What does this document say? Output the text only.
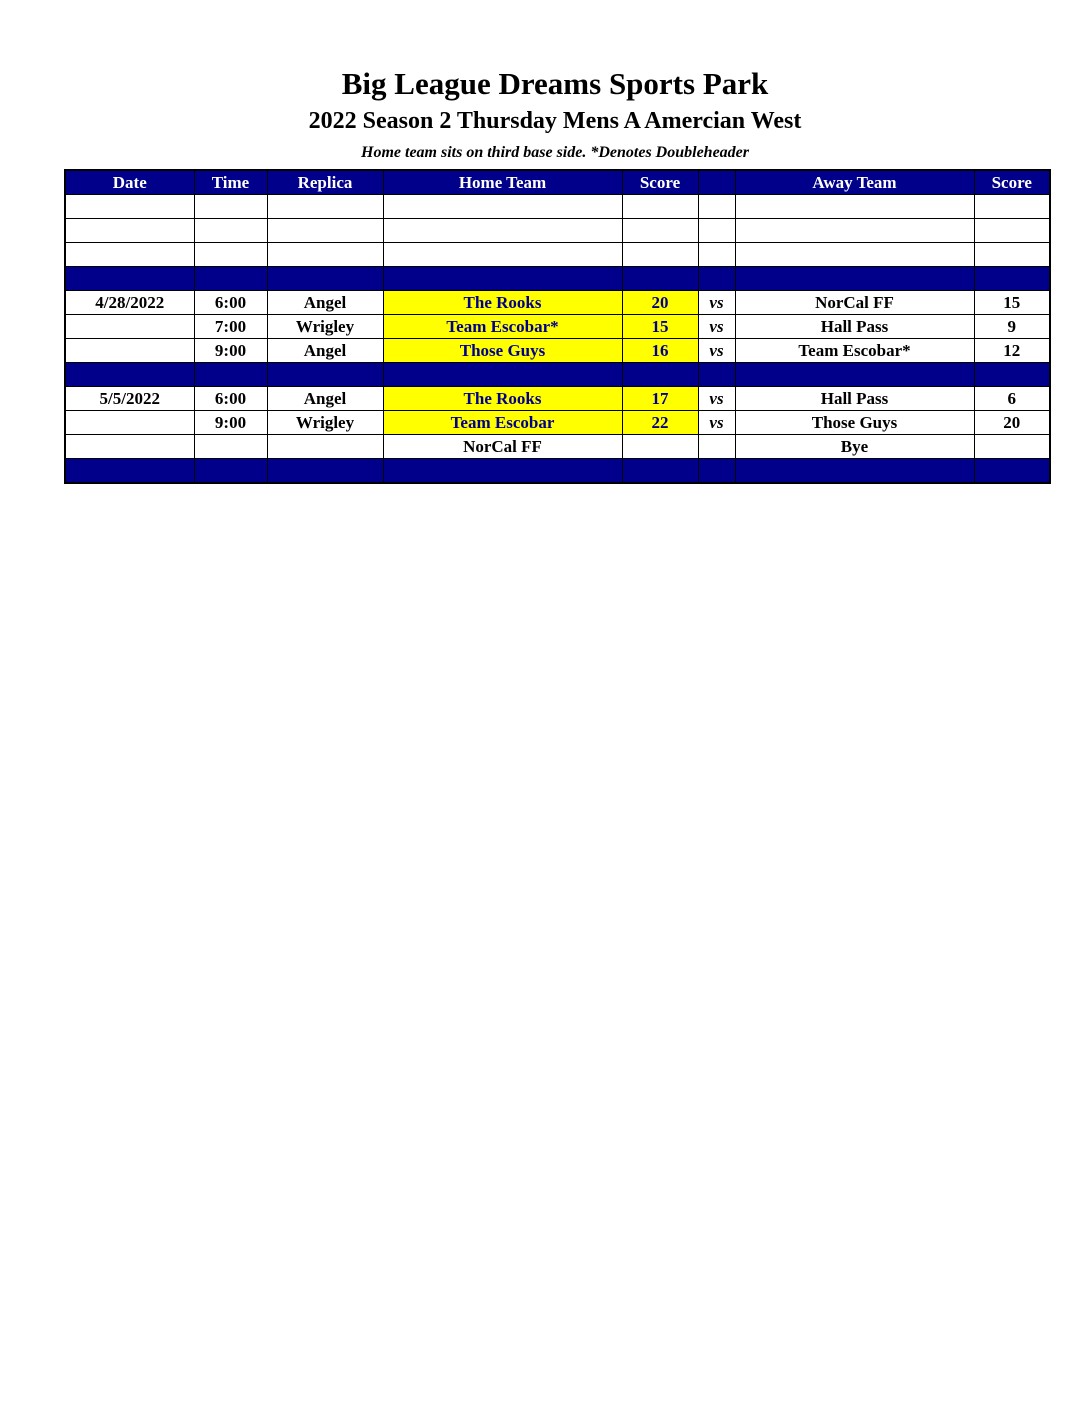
Big League Dreams Sports Park
2022 Season 2 Thursday Mens A Amercian West
Home team sits on third base side. *Denotes Doubleheader
Date	Time	Replica	Home Team	Score		Away Team	Score

4/28/2022	6:00	Angel	The Rooks	20	vs	NorCal FF	15
	7:00	Wrigley	Team Escobar*	15	vs	Hall Pass	9
	9:00	Angel	Those Guys	16	vs	Team Escobar*	12

5/5/2022	6:00	Angel	The Rooks	17	vs	Hall Pass	6
	9:00	Wrigley	Team Escobar	22	vs	Those Guys	20
			NorCal FF			Bye	
